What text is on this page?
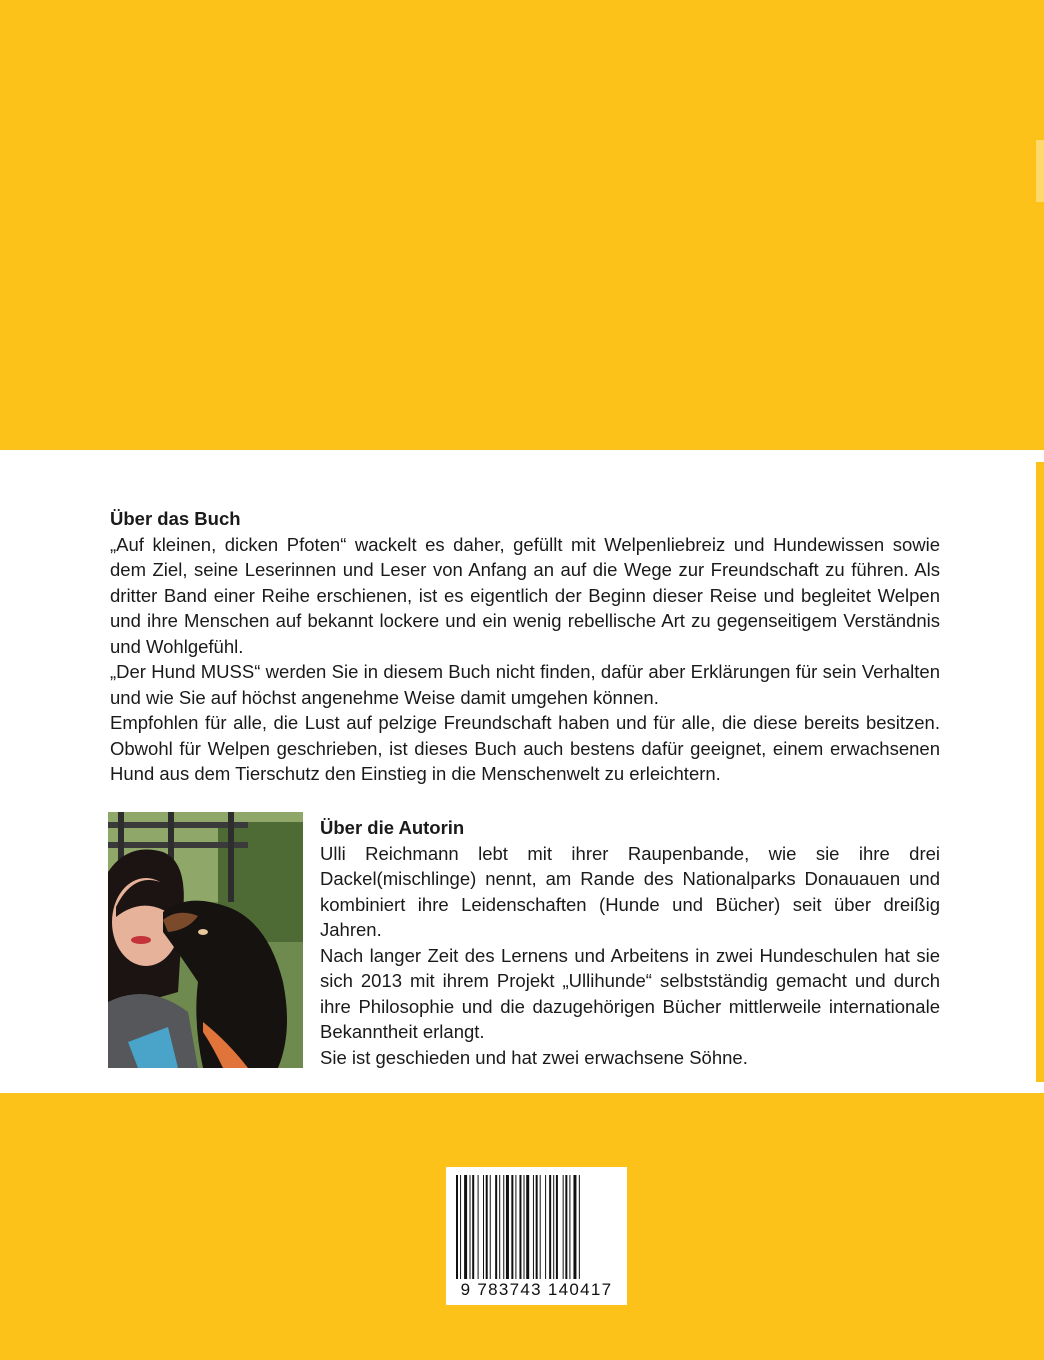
Über das Buch

„Auf kleinen, dicken Pfoten“ wackelt es daher, gefüllt mit Welpenliebreiz und Hundewissen sowie dem Ziel, seine Leserinnen und Leser von Anfang an auf die Wege zur Freundschaft zu führen. Als dritter Band einer Reihe erschienen, ist es eigentlich der Beginn dieser Reise und begleitet Welpen und ihre Menschen auf bekannt lockere und ein wenig rebellische Art zu gegenseitigem Verständnis und Wohlgefühl.

„Der Hund MUSS“ werden Sie in diesem Buch nicht finden, dafür aber Erklärungen für sein Verhalten und wie Sie auf höchst angenehme Weise damit umgehen können.

Empfohlen für alle, die Lust auf pelzige Freundschaft haben und für alle, die diese bereits besitzen. Obwohl für Welpen geschrieben, ist dieses Buch auch bestens dafür geeignet, einem erwachsenen Hund aus dem Tierschutz den Einstieg in die Menschenwelt zu erleichtern.

Über die Autorin

Ulli Reichmann lebt mit ihrer Raupenbande, wie sie ihre drei Dackel(mischlinge) nennt, am Rande des Nationalparks Donauauen und kombiniert ihre Leidenschaften (Hunde und Bücher) seit über dreißig Jahren.

Nach langer Zeit des Lernens und Arbeitens in zwei Hundeschulen hat sie sich 2013 mit ihrem Projekt „Ullihunde“ selbstständig gemacht und durch ihre Philosophie und die dazugehörigen Bücher mittlerweile internationale Bekanntheit erlangt.

Sie ist geschieden und hat zwei erwachsene Söhne.

9 783743 140417
